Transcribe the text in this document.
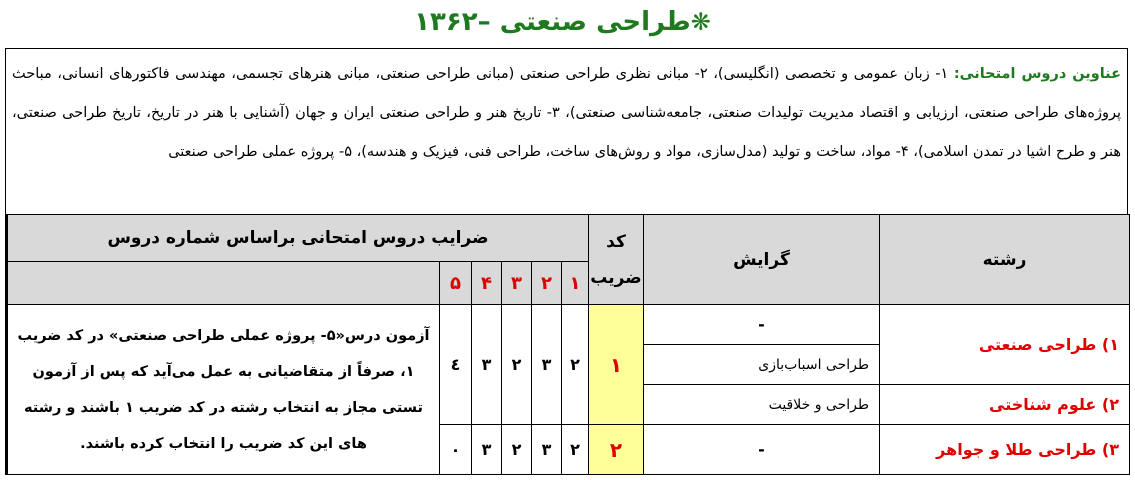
۱۳۶۲– طراحی صنعتی ❋
عناوین دروس امتحانی: ۱- زبان عمومی و تخصصی (انگلیسی)، ۲- مبانی نظری طراحی صنعتی (مبانی طراحی صنعتی، مبانی هنرهای تجسمی، مهندسی فاکتورهای انسانی، مباحث پروژه‌های طراحی صنعتی، ارزیابی و اقتصاد مدیریت تولیدات صنعتی، جامعه‌شناسی صنعتی)، ۳- تاریخ هنر و طراحی صنعتی ایران و جهان (آشنایی با هنر در تاریخ، تاریخ طراحی صنعتی، هنر و طرح اشیا در تمدن اسلامی)، ۴- مواد، ساخت و تولید (مدل‌سازی، مواد و روش‌های ساخت، طراحی فنی، فیزیک و هندسه)، ۵- پروژه عملی طراحی صنعتی
ضرایب دروس امتحانی براساس شماره دروس						کد ضریب	گرایش	رشته
	۵	۴	۳	۲	۱			
آزمون درس«۵- پروژه عملی طراحی صنعتی» در کد ضریب ۱، صرفاً از متقاضیانی به عمل می‌آید که پس از آزمون تستی مجاز به انتخاب رشته در کد ضریب ۱ باشند و رشته های این کد ضریب را انتخاب کرده باشند.	٤	۳	۲	۳	۲	۱	-	۱) طراحی صنعتی
							طراحی اسباب‌بازی	
							طراحی و خلاقیت	۲) علوم شناختی
	۰	۳	۲	۳	۲	۲	-	۳) طراحی طلا و جواهر
